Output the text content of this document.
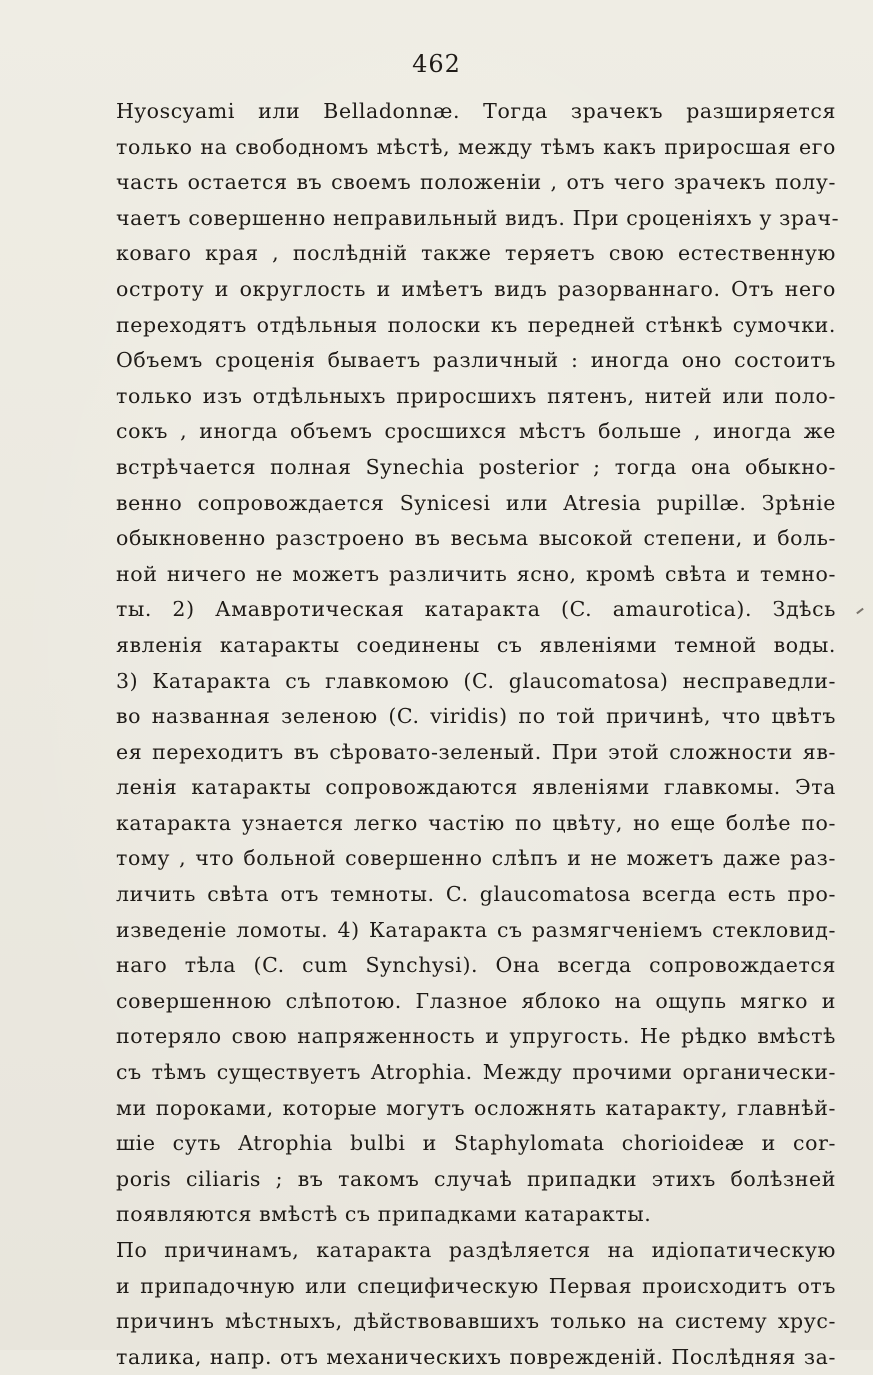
462
Hyoscyami или Belladonnæ. Тогда зрачекъ разширяется
только на свободномъ мѣстѣ, между тѣмъ какъ приросшая его
часть остается въ своемъ положеніи , отъ чего зрачекъ полу-
чаетъ совершенно неправильный видъ. При сроценіяхъ у зрач-
коваго края , послѣдній также теряетъ свою естественную
остроту и округлость и имѣетъ видъ разорваннаго. Отъ него
переходятъ отдѣльныя полоски къ передней стѣнкѣ сумочки.
Объемъ сроценія бываетъ различный : иногда оно состоитъ
только изъ отдѣльныхъ приросшихъ пятенъ, нитей или поло-
сокъ , иногда объемъ сросшихся мѣстъ больше , иногда же
встрѣчается полная Synechia posterior ; тогда она обыкно-
венно сопровождается Synicesi или Atresia pupillæ. Зрѣніе
обыкновенно разстроено въ весьма высокой степени, и боль-
ной ничего не можетъ различить ясно, кромѣ свѣта и темно-
ты. 2) Амавротическая катаракта (C. amaurotica). Здѣсь
явленія катаракты соединены съ явленіями темной воды.
3) Катаракта съ главкомою (C. glaucomatosa) несправедли-
во названная зеленою (C. viridis) по той причинѣ, что цвѣтъ
ея переходитъ въ сѣровато-зеленый. При этой сложности яв-
ленія катаракты сопровождаются явленіями главкомы. Эта
катаракта узнается легко частію по цвѣту, но еще болѣе по-
тому , что больной совершенно слѣпъ и не можетъ даже раз-
личить свѣта отъ темноты. C. glaucomatosa всегда есть про-
изведеніе ломоты. 4) Катаракта съ размягченіемъ стекловид-
наго тѣла (C. cum Synchysi). Она всегда сопровождается
совершенною слѣпотою. Глазное яблоко на ощупь мягко и
потеряло свою напряженность и упругость. Не рѣдко вмѣстѣ
съ тѣмъ существуетъ Atrophia. Между прочими органически-
ми пороками, которые могутъ осложнять катаракту, главнѣй-
шіе суть Atrophia bulbi и Staphylomata chorioideæ и cor-
poris ciliaris ; въ такомъ случаѣ припадки этихъ болѣзней
появляются вмѣстѣ съ припадками катаракты.
По причинамъ, катаракта раздѣляется на идіопатическую
и припадочную или специфическую Первая происходитъ отъ
причинъ мѣстныхъ, дѣйствовавшихъ только на систему хрус-
талика, напр. отъ механическихъ поврежденій. Послѣдняя за-
